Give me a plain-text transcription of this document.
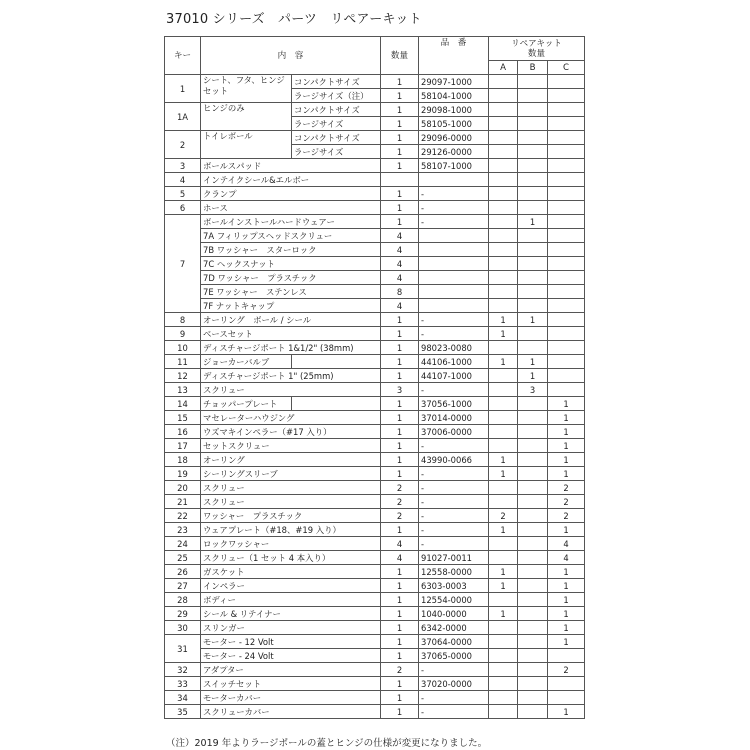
37010 シリーズ　パーツ　リペアーキット
キー	内　容		数量	品　番	リペアキット
数量		

					A	B	C
1	シート、フタ、ヒンジセット	コンパクトサイズ	1	29097-1000			
		ラージサイズ（注）	1	58104-1000			
1A	ヒンジのみ	コンパクトサイズ	1	29098-1000			
		ラージサイズ	1	58105-1000			
2	トイレボール	コンパクトサイズ	1	29096-0000			
		ラージサイズ	1	29126-0000			
3	ボールスパッド		1	58107-1000			
4	インテイクシール&エルボー						
5	クランプ		1	-			
6	ホース		1	-			
7	ボールインストールハードウェアー		1	-		1	
	7A フィリップスヘッドスクリュー		4				
	7B ワッシャー　スターロック		4				
	7C ヘックスナット		4				
	7D ワッシャー　プラスチック		4				
	7E ワッシャー　ステンレス		8				
	7F ナットキャップ		4				
8	オーリング　ボール / シール		1	-	1	1	
9	ベースセット		1	-	1		
10	ディスチャージポート 1&1/2" (38mm)		1	98023-0080			
11	ジョーカーバルブ		1	44106-1000	1	1	
12	ディスチャージポート 1" (25mm)		1	44107-1000		1	
13	スクリュー		3	-		3	
14	チョッパープレート		1	37056-1000			1
15	マセレーターハウジング		1	37014-0000			1
16	ウズマキインペラー（#17 入り）		1	37006-0000			1
17	セットスクリュー		1	-			1
18	オーリング		1	43990-0066	1		1
19	シーリングスリーブ		1	-	1		1
20	スクリュー		2	-			2
21	スクリュー		2	-			2
22	ワッシャー　プラスチック		2	-	2		2
23	ウェアプレート（#18、#19 入り）		1	-	1		1
24	ロックワッシャー		4	-			4
25	スクリュー（1 セット 4 本入り）		4	91027-0011			4
26	ガスケット		1	12558-0000	1		1
27	インペラー		1	6303-0003	1		1
28	ボディー		1	12554-0000			1
29	シール & リテイナー		1	1040-0000	1		1
30	スリンガー		1	6342-0000			1
31	モーター - 12 Volt		1	37064-0000			1
	モーター - 24 Volt		1	37065-0000			
32	アダプター		2	-			2
33	スイッチセット		1	37020-0000			
34	モーターカバー		1	-			
35	スクリューカバー		1	-			1
（注）2019 年よりラージボールの蓋とヒンジの仕様が変更になりました。
